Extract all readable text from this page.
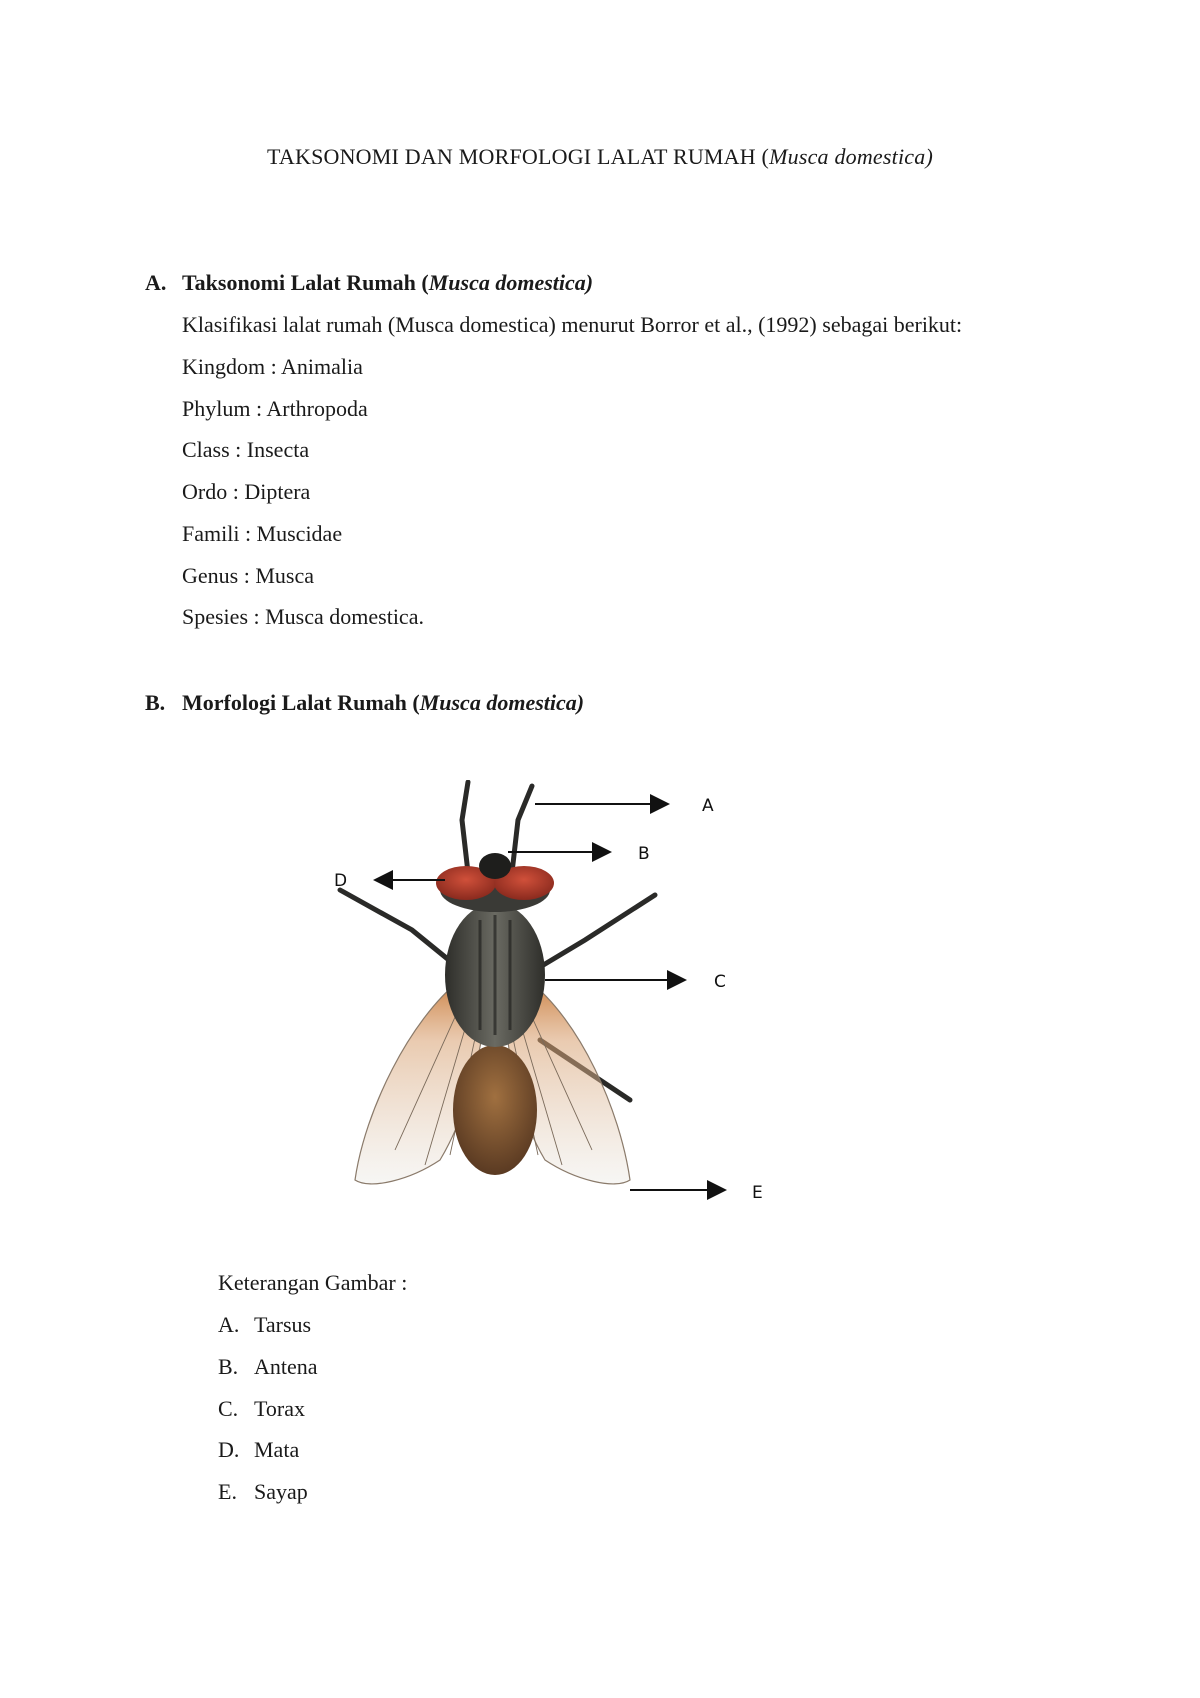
TAKSONOMI DAN MORFOLOGI LALAT RUMAH (Musca domestica)
A. Taksonomi Lalat Rumah (Musca domestica)
Klasifikasi lalat rumah (Musca domestica) menurut Borror et al., (1992) sebagai berikut:
Kingdom : Animalia
Phylum : Arthropoda
Class : Insecta
Ordo : Diptera
Famili : Muscidae
Genus : Musca
Spesies : Musca domestica.
B. Morfologi Lalat Rumah (Musca domestica)
A
B
C
D
E
Keterangan Gambar :
A. Tarsus
B. Antena
C. Torax
D. Mata
E. Sayap
